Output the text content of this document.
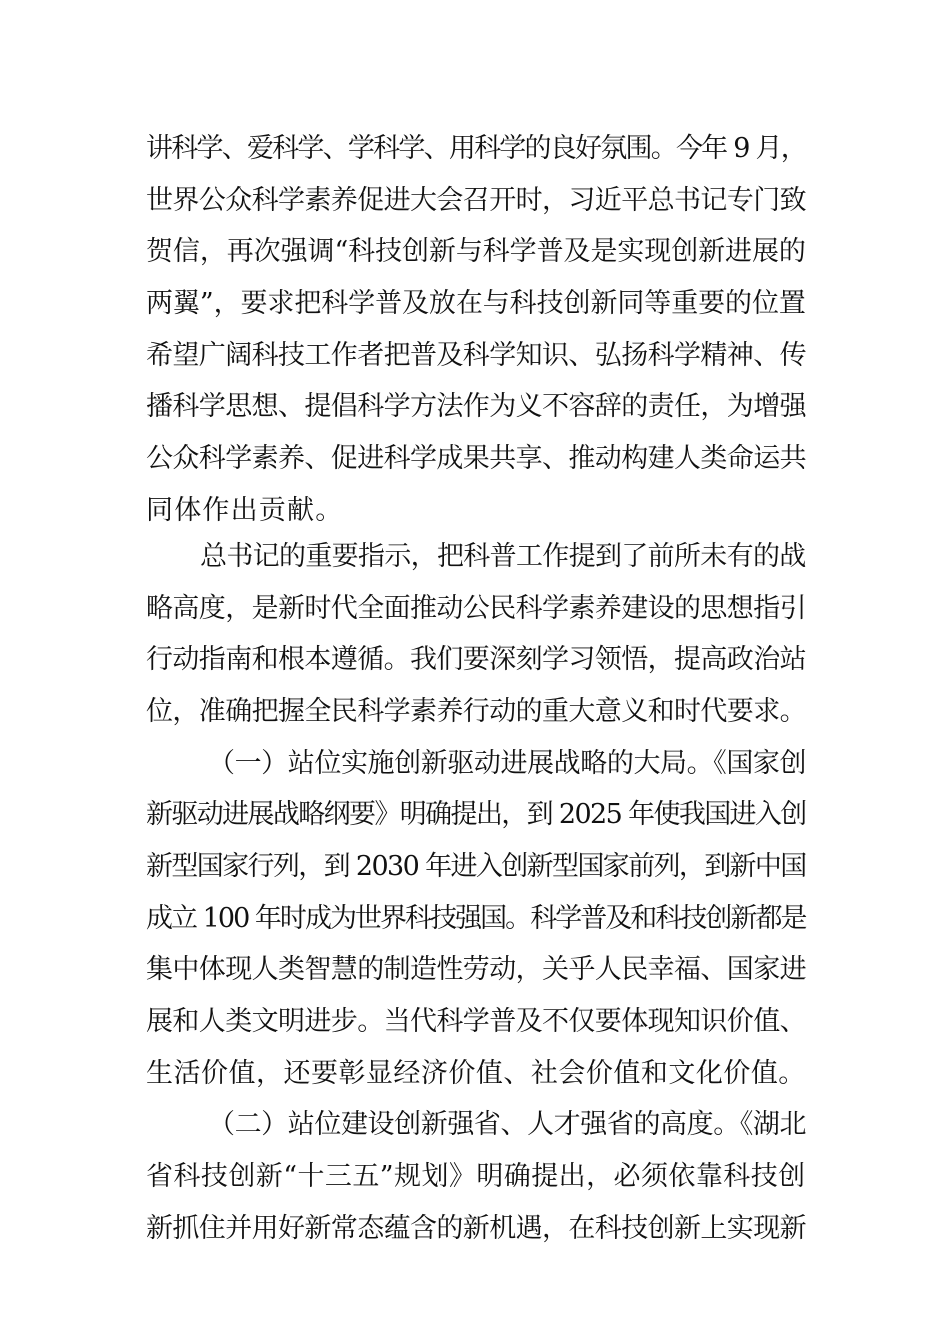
讲科学、爱科学、学科学、用科学的良好氛围。今年 9 月，
世界公众科学素养促进大会召开时，习近平总书记专门致
贺信，再次强调“科技创新与科学普及是实现创新进展的
两翼”，要求把科学普及放在与科技创新同等重要的位置
希望广阔科技工作者把普及科学知识、弘扬科学精神、传
播科学思想、提倡科学方法作为义不容辞的责任，为增强
公众科学素养、促进科学成果共享、推动构建人类命运共
同体作出贡献。
总书记的重要指示，把科普工作提到了前所未有的战
略高度，是新时代全面推动公民科学素养建设的思想指引
行动指南和根本遵循。我们要深刻学习领悟，提高政治站
位，准确把握全民科学素养行动的重大意义和时代要求。
（一）站位实施创新驱动进展战略的大局。《国家创
新驱动进展战略纲要》明确提出，到 2025 年使我国进入创
新型国家行列，到 2030 年进入创新型国家前列，到新中国
成立 100 年时成为世界科技强国。科学普及和科技创新都是
集中体现人类智慧的制造性劳动，关乎人民幸福、国家进
展和人类文明进步。当代科学普及不仅要体现知识价值、
生活价值，还要彰显经济价值、社会价值和文化价值。
（二）站位建设创新强省、人才强省的高度。《湖北
省科技创新“十三五”规划》明确提出，必须依靠科技创
新抓住并用好新常态蕴含的新机遇，在科技创新上实现新
